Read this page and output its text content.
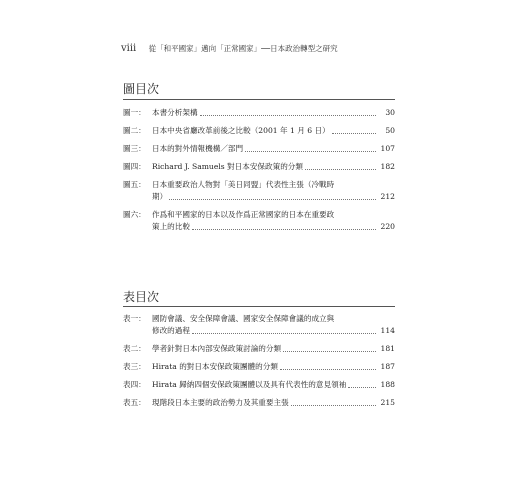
viii 從「和平國家」邁向「正常國家」──日本政治轉型之研究
圖目次
圖一： 本書分析架構	30
圖二： 日本中央省廳改革前後之比較（2001 年 1 月 6 日）	50
圖三： 日本的對外情報機構／部門	107
圖四： Richard J. Samuels 對日本安保政策的分類	182
圖五： 日本重要政治人物對「美日同盟」代表性主張（冷戰時
期）	212
圖六： 作爲和平國家的日本以及作爲正常國家的日本在重要政
策上的比較	220
表目次
表一： 國防會議、安全保障會議、國家安全保障會議的成立與
修改的過程	114
表二： 學者針對日本內部安保政策討論的分類	181
表三： Hirata 的對日本安保政策團體的分類	187
表四： Hirata 歸納四個安保政策團體以及具有代表性的意見領袖	188
表五： 現階段日本主要的政治勢力及其重要主張	215
